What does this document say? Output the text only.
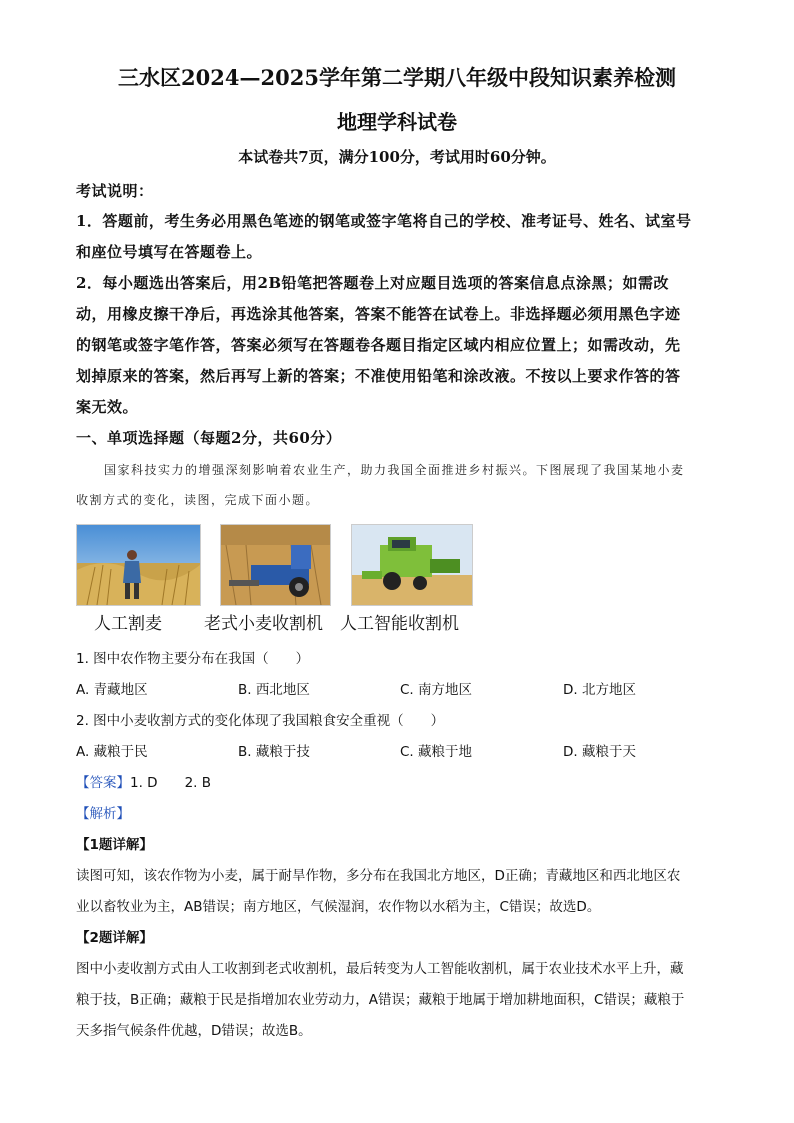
三水区2024—2025学年第二学期八年级中段知识素养检测
地理学科试卷
本试卷共7页，满分100分，考试用时60分钟。
考试说明：
1．答题前，考生务必用黑色笔迹的钢笔或签字笔将自己的学校、准考证号、姓名、试室号
和座位号填写在答题卷上。
2．每小题选出答案后，用2B铅笔把答题卷上对应题目选项的答案信息点涂黑；如需改
动，用橡皮擦干净后，再选涂其他答案，答案不能答在试卷上。非选择题必须用黑色字迹
的钢笔或签字笔作答，答案必须写在答题卷各题目指定区域内相应位置上；如需改动，先
划掉原来的答案，然后再写上新的答案；不准使用铅笔和涂改液。不按以上要求作答的答
案无效。
一、单项选择题（每题2分，共60分）
国家科技实力的增强深刻影响着农业生产，助力我国全面推进乡村振兴。下图展现了我国某地小麦
收割方式的变化，读图，完成下面小题。
人工割麦 老式小麦收割机 人工智能收割机
1. 图中农作物主要分布在我国（　　）
A. 青藏地区	B. 西北地区	C. 南方地区	D. 北方地区
2. 图中小麦收割方式的变化体现了我国粮食安全重视（　　）
A. 藏粮于民	B. 藏粮于技	C. 藏粮于地	D. 藏粮于天
【答案】1. D　　2. B
【解析】
【1题详解】
读图可知，该农作物为小麦，属于耐旱作物，多分布在我国北方地区，D正确；青藏地区和西北地区农
业以畜牧业为主，AB错误；南方地区，气候湿润，农作物以水稻为主，C错误；故选D。
【2题详解】
图中小麦收割方式由人工收割到老式收割机，最后转变为人工智能收割机，属于农业技术水平上升，藏
粮于技，B正确；藏粮于民是指增加农业劳动力，A错误；藏粮于地属于增加耕地面积，C错误；藏粮于
天多指气候条件优越，D错误；故选B。
